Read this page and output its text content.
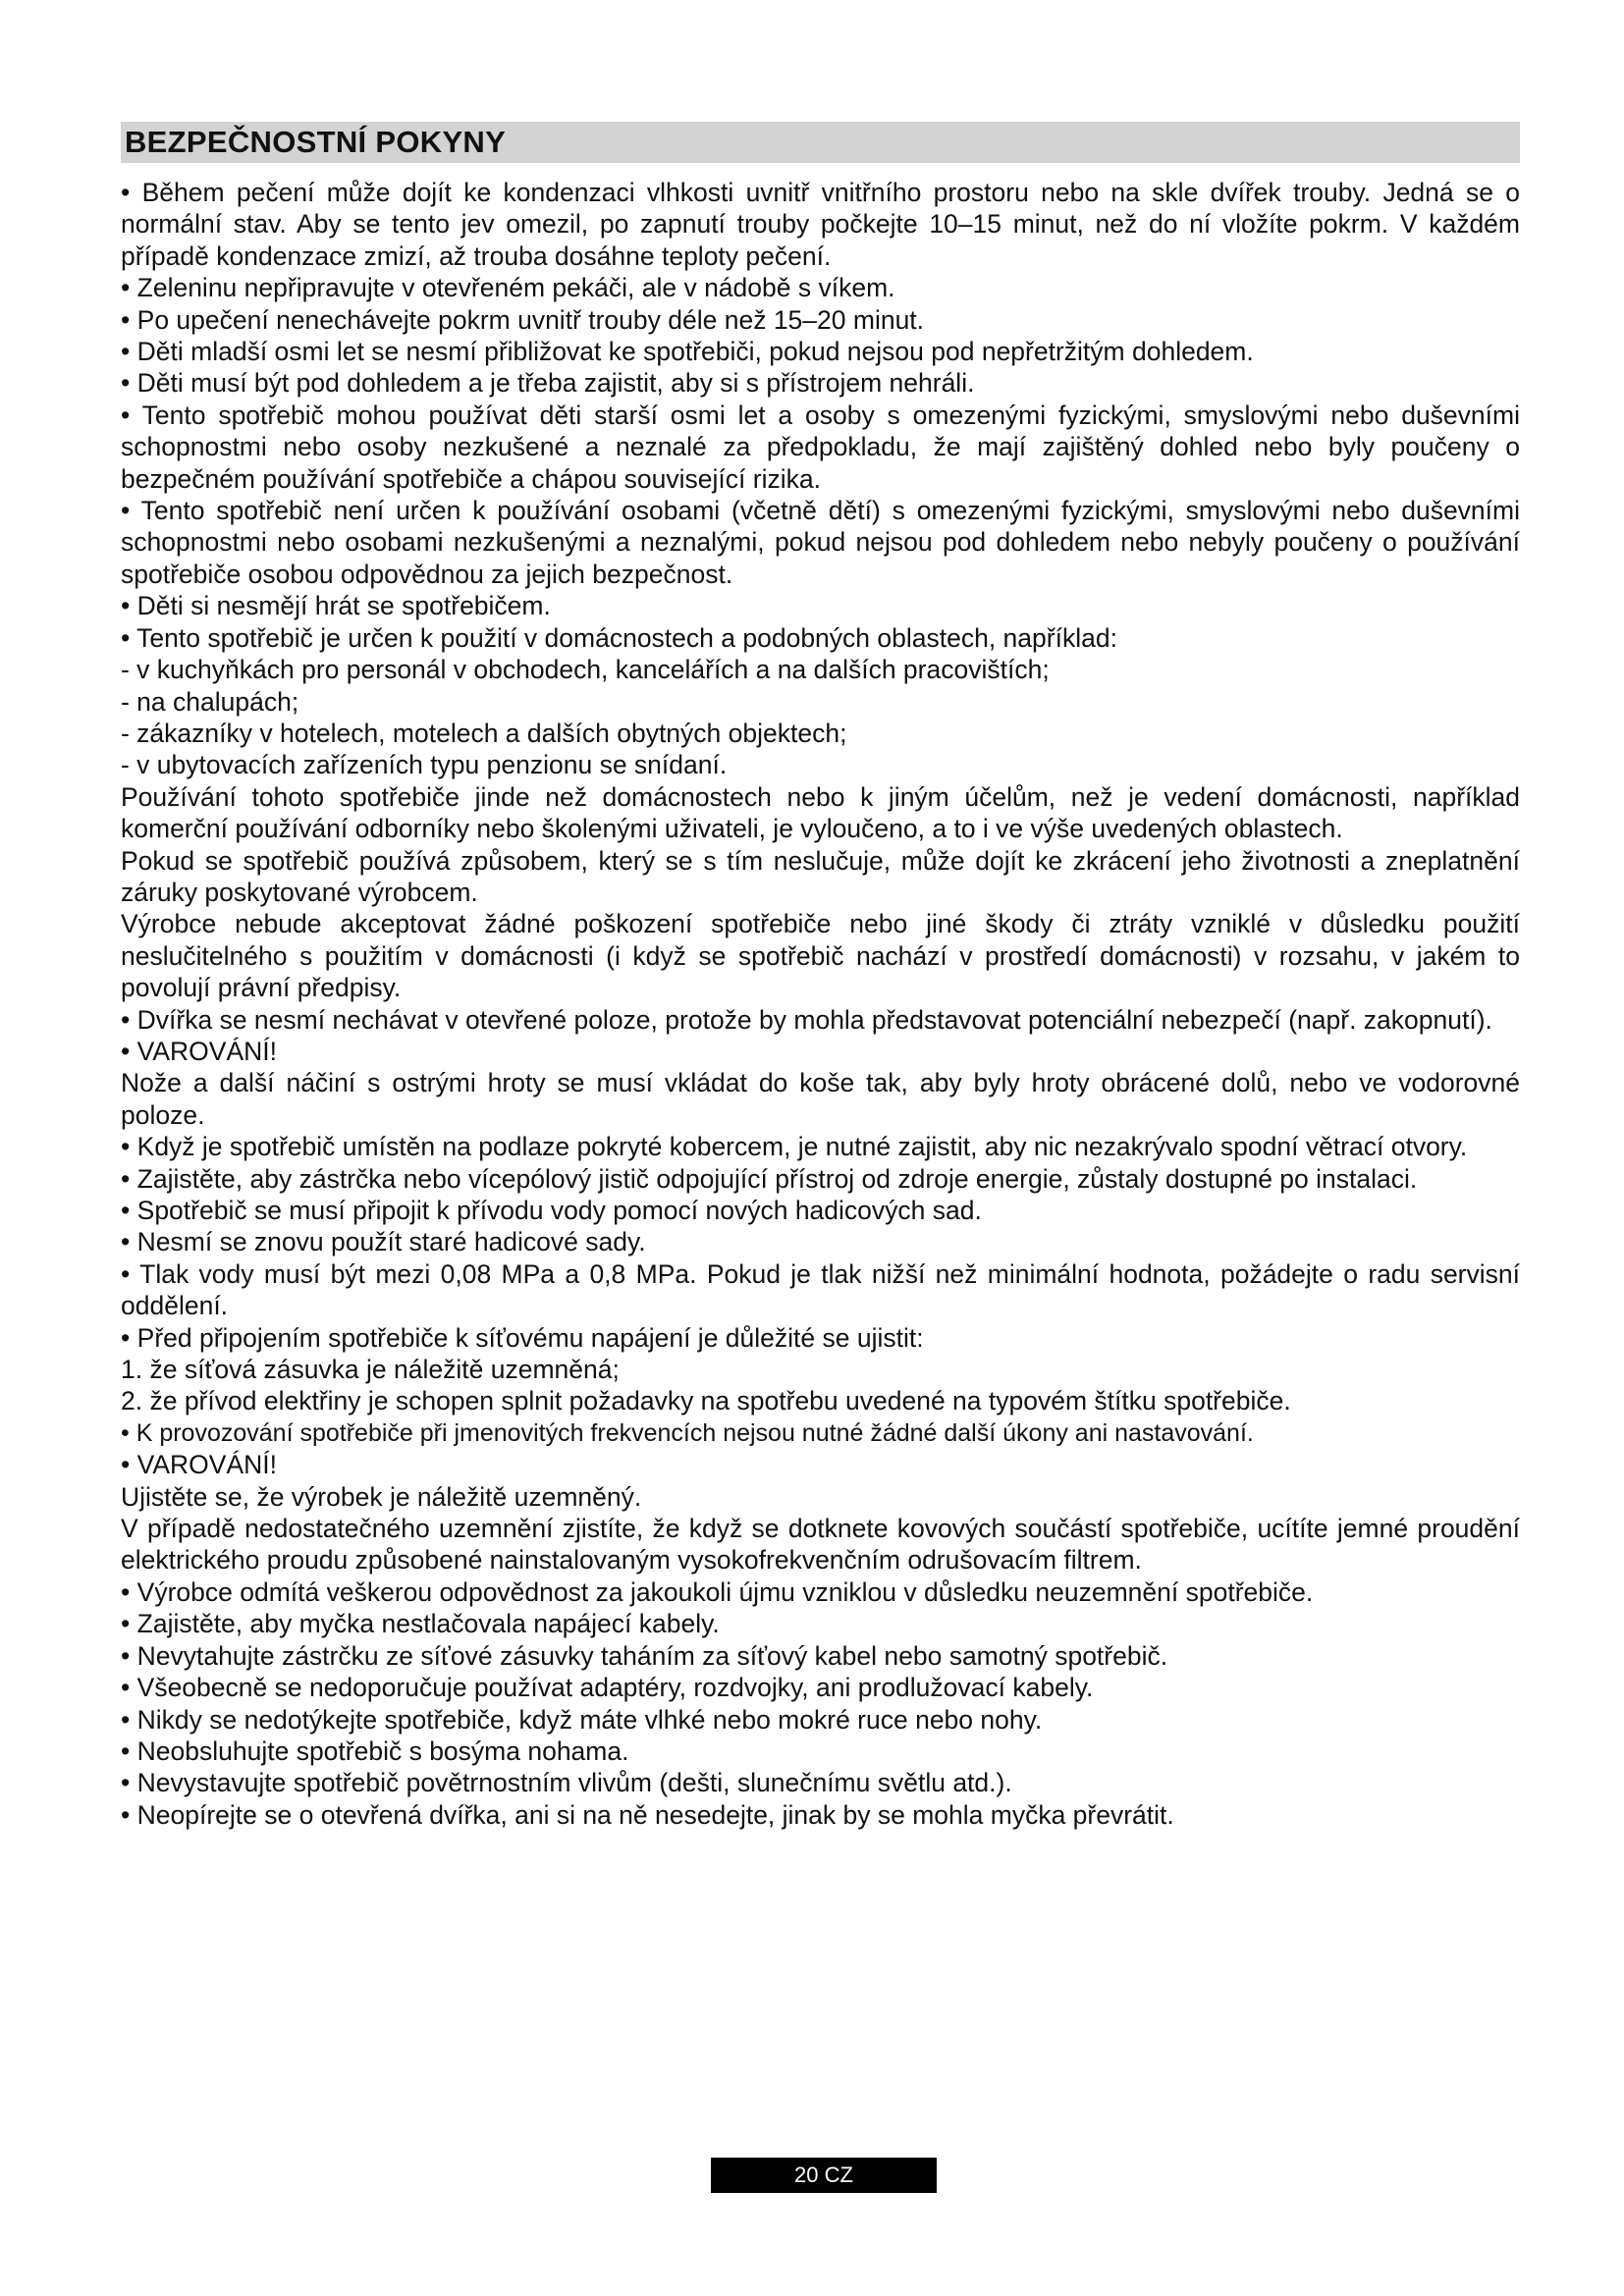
BEZPEČNOSTNÍ POKYNY

• Během pečení může dojít ke kondenzaci vlhkosti uvnitř vnitřního prostoru nebo na skle dvířek trouby. Jedná se o normální stav. Aby se tento jev omezil, po zapnutí trouby počkejte 10–15 minut, než do ní vložíte pokrm. V každém případě kondenzace zmizí, až trouba dosáhne teploty pečení.

• Zeleninu nepřipravujte v otevřeném pekáči, ale v nádobě s víkem.

• Po upečení nenechávejte pokrm uvnitř trouby déle než 15–20 minut.

• Děti mladší osmi let se nesmí přibližovat ke spotřebiči, pokud nejsou pod nepřetržitým dohledem.

• Děti musí být pod dohledem a je třeba zajistit, aby si s přístrojem nehráli.

• Tento spotřebič mohou používat děti starší osmi let a osoby s omezenými fyzickými, smyslovými nebo duševními schopnostmi nebo osoby nezkušené a neznalé za předpokladu, že mají zajištěný dohled nebo byly poučeny o bezpečném používání spotřebiče a chápou související rizika.

• Tento spotřebič není určen k používání osobami (včetně dětí) s omezenými fyzickými, smyslovými nebo duševními schopnostmi nebo osobami nezkušenými a neznalými, pokud nejsou pod dohledem nebo nebyly poučeny o používání spotřebiče osobou odpovědnou za jejich bezpečnost.

• Děti si nesmějí hrát se spotřebičem.

• Tento spotřebič je určen k použití v domácnostech a podobných oblastech, například:

- v kuchyňkách pro personál v obchodech, kancelářích a na dalších pracovištích;

- na chalupách;

- zákazníky v hotelech, motelech a dalších obytných objektech;

- v ubytovacích zařízeních typu penzionu se snídaní.

Používání tohoto spotřebiče jinde než domácnostech nebo k jiným účelům, než je vedení domácnosti, například komerční používání odborníky nebo školenými uživateli, je vyloučeno, a to i ve výše uvedených oblastech.

Pokud se spotřebič používá způsobem, který se s tím neslučuje, může dojít ke zkrácení jeho životnosti a zneplatnění záruky poskytované výrobcem.

Výrobce nebude akceptovat žádné poškození spotřebiče nebo jiné škody či ztráty vzniklé v důsledku použití neslučitelného s použitím v domácnosti (i když se spotřebič nachází v prostředí domácnosti) v rozsahu, v jakém to povolují právní předpisy.

• Dvířka se nesmí nechávat v otevřené poloze, protože by mohla představovat potenciální nebezpečí (např. zakopnutí).

• VAROVÁNÍ!

Nože a další náčiní s ostrými hroty se musí vkládat do koše tak, aby byly hroty obrácené dolů, nebo ve vodorovné poloze.

• Když je spotřebič umístěn na podlaze pokryté kobercem, je nutné zajistit, aby nic nezakrývalo spodní větrací otvory.

• Zajistěte, aby zástrčka nebo vícepólový jistič odpojující přístroj od zdroje energie, zůstaly dostupné po instalaci.

• Spotřebič se musí připojit k přívodu vody pomocí nových hadicových sad.

• Nesmí se znovu použít staré hadicové sady.

• Tlak vody musí být mezi 0,08 MPa a 0,8 MPa. Pokud je tlak nižší než minimální hodnota, požádejte o radu servisní oddělení.

• Před připojením spotřebiče k síťovému napájení je důležité se ujistit:

1. že síťová zásuvka je náležitě uzemněná;

2. že přívod elektřiny je schopen splnit požadavky na spotřebu uvedené na typovém štítku spotřebiče.

• K provozování spotřebiče při jmenovitých frekvencích nejsou nutné žádné další úkony ani nastavování.

• VAROVÁNÍ!

Ujistěte se, že výrobek je náležitě uzemněný.

V případě nedostatečného uzemnění zjistíte, že když se dotknete kovových součástí spotřebiče, ucítíte jemné proudění elektrického proudu způsobené nainstalovaným vysokofrekvenčním odrušovacím filtrem.

• Výrobce odmítá veškerou odpovědnost za jakoukoli újmu vzniklou v důsledku neuzemnění spotřebiče.

• Zajistěte, aby myčka nestlačovala napájecí kabely.

• Nevytahujte zástrčku ze síťové zásuvky taháním za síťový kabel nebo samotný spotřebič.

• Všeobecně se nedoporučuje používat adaptéry, rozdvojky, ani prodlužovací kabely.

• Nikdy se nedotýkejte spotřebiče, když máte vlhké nebo mokré ruce nebo nohy.

• Neobsluhujte spotřebič s bosýma nohama.

• Nevystavujte spotřebič povětrnostním vlivům (dešti, slunečnímu světlu atd.).

• Neopírejte se o otevřená dvířka, ani si na ně nesedejte, jinak by se mohla myčka převrátit.

20 CZ
